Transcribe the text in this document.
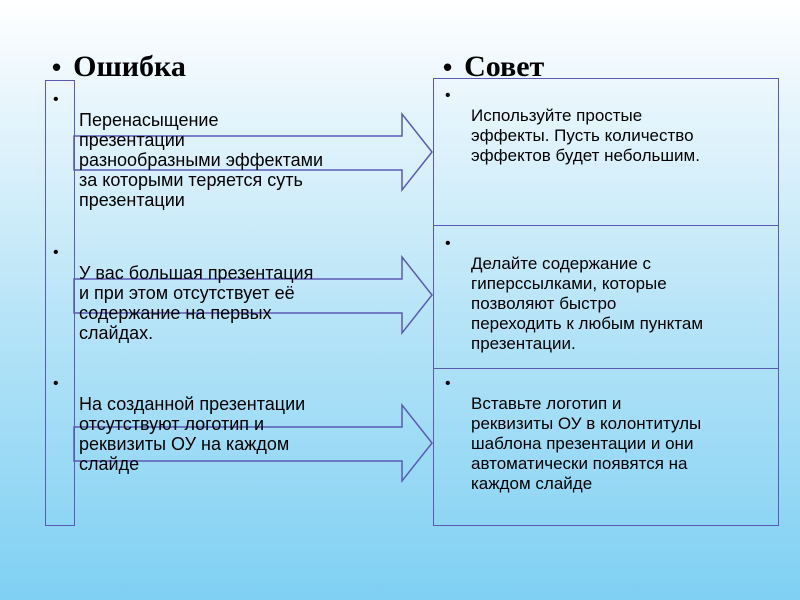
• Ошибка	• Совет

•
Перенасыщение
презентации
разнообразными эффектами
за которыми теряется суть
презентации

•
У вас большая презентация
и при этом отсутствует её
содержание на первых
слайдах.

•
На созданной презентации
отсутствуют логотип и
реквизиты ОУ на каждом
слайде

•
Используйте простые
эффекты. Пусть количество
эффектов будет небольшим.

•
Делайте содержание с
гиперссылками, которые
позволяют быстро
переходить к любым пунктам
презентации.

•
Вставьте логотип и
реквизиты ОУ в колонтитулы
шаблона презентации и они
автоматически появятся на
каждом слайде
